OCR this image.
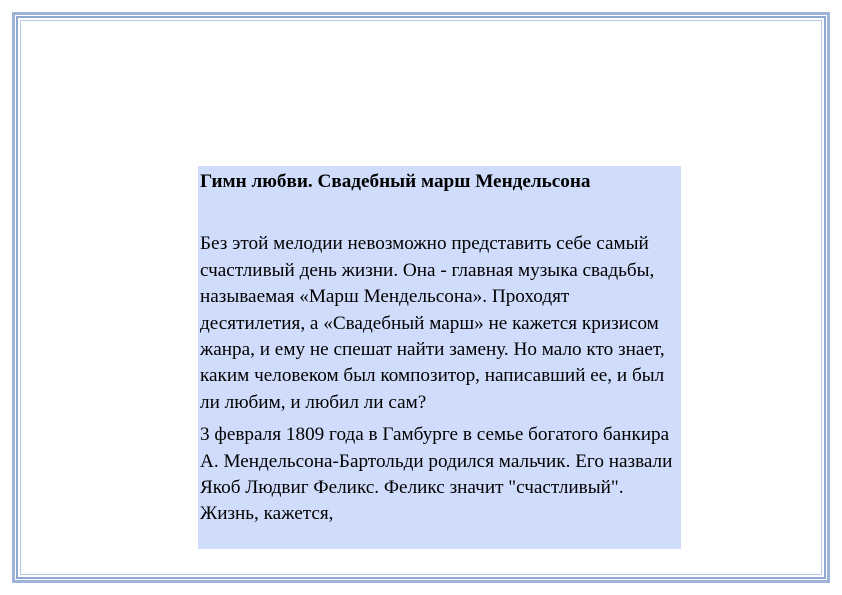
Гимн любви. Свадебный марш Мендельсона

Без этой мелодии невозможно представить себе самый счастливый день жизни. Она - главная музыка свадьбы, называемая «Марш Мендельсона». Проходят десятилетия, а «Свадебный марш» не кажется кризисом жанра, и ему не спешат найти замену. Но мало кто знает, каким человеком был композитор, написавший ее, и был ли любим, и любил ли сам?

3 февраля 1809 года в Гамбурге в семье богатого банкира А. Мендельсона-Бартольди родился мальчик. Его назвали Якоб Людвиг Феликс. Феликс значит "счастливый". Жизнь, кажется,
